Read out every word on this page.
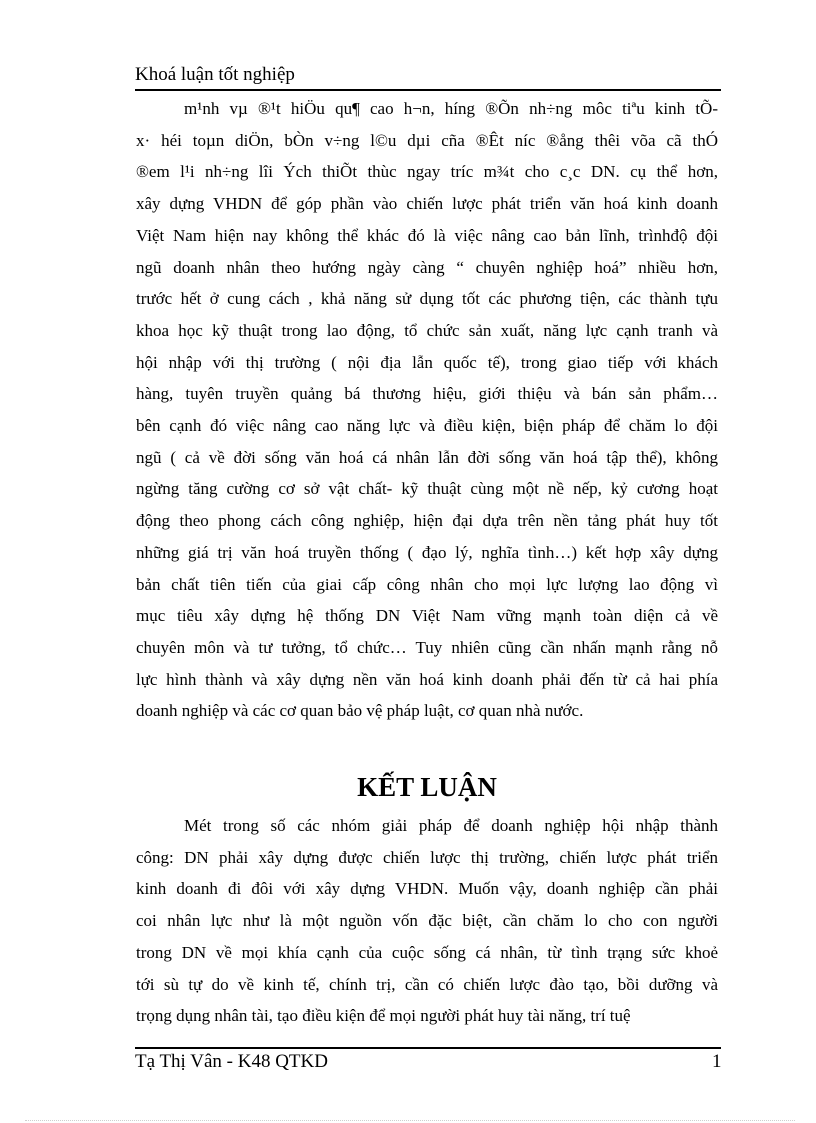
Khoá luận tốt nghiệp
m¹nh vµ ®¹t hiÖu qu¶ cao h¬n, híng ®Õn nh÷ng môc tiªu kinh tÕ-
x· héi toµn diÖn, bÒn v÷ng l©u dµi cña ®Êt níc ®ång thêi võa cã thÓ
®em l¹i nh÷ng lîi Ých thiÕt thùc ngay tríc m¾t cho c¸c DN. cụ thể hơn,
xây dựng VHDN để góp phần vào chiến lược phát triển văn hoá kinh doanh
Việt Nam hiện nay không thể khác đó là việc nâng cao bản lĩnh, trìnhđộ đội
ngũ doanh nhân theo hướng ngày càng “ chuyên nghiệp hoá” nhiều hơn,
trước hết ở cung cách , khả năng sử dụng tốt các phương tiện, các thành tựu
khoa học kỹ thuật trong lao động, tổ chức sản xuất, năng lực cạnh tranh và
hội nhập với thị trường ( nội địa lẫn quốc tế), trong giao tiếp với khách
hàng, tuyên truyền quảng bá thương hiệu, giới thiệu và bán sản phẩm…
bên cạnh đó việc nâng cao năng lực và điều kiện, biện pháp để chăm lo đội
ngũ ( cả về đời sống văn hoá cá nhân lẫn đời sống văn hoá tập thể), không
ngừng tăng cường cơ sở vật chất- kỹ thuật cùng một nề nếp, kỷ cương hoạt
động theo phong cách công nghiệp, hiện đại dựa trên nền tảng phát huy tốt
những giá trị văn hoá truyền thống ( đạo lý, nghĩa tình…) kết hợp xây dựng
bản chất tiên tiến của giai cấp công nhân cho mọi lực lượng lao động vì
mục tiêu xây dựng hệ thống DN Việt Nam vững mạnh toàn diện cả về
chuyên môn và tư tưởng, tổ chức… Tuy nhiên cũng cần nhấn mạnh rằng nỗ
lực hình thành và xây dựng nền văn hoá kinh doanh phải đến từ cả hai phía
doanh nghiệp và các cơ quan bảo vệ pháp luật, cơ quan nhà nước.
KẾT LUẬN
Mét trong số các nhóm giải pháp để doanh nghiệp hội nhập thành
công: DN phải xây dựng được chiến lược thị trường, chiến lược phát triển
kinh doanh đi đôi với xây dựng VHDN. Muốn vậy, doanh nghiệp cần phải
coi nhân lực như là một nguồn vốn đặc biệt, cần chăm lo cho con người
trong DN về mọi khía cạnh của cuộc sống cá nhân, từ tình trạng sức khoẻ
tới sù tự do về kinh tế, chính trị, cần có chiến lược đào tạo, bồi dưỡng và
trọng dụng nhân tài, tạo điều kiện để mọi người phát huy tài năng, trí tuệ
Tạ Thị Vân - K48 QTKD	1
